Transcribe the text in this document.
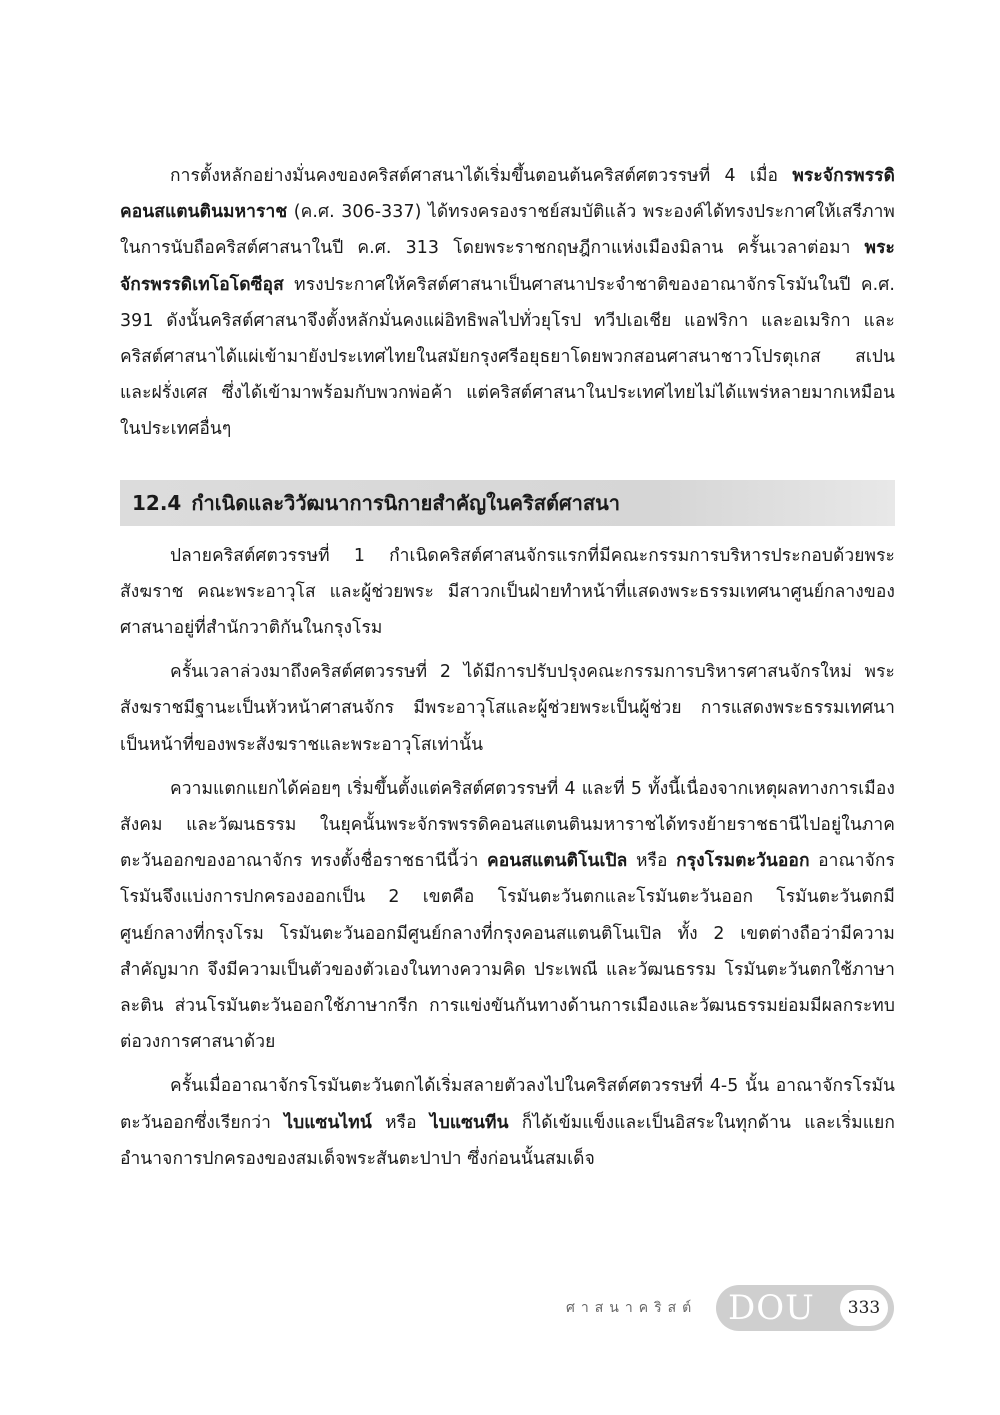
การตั้งหลักอย่างมั่นคงของคริสต์ศาสนาได้เริ่มขึ้นตอนต้นคริสต์ศตวรรษที่ 4 เมื่อ พระจักรพรรดิคอนสแตนตินมหาราช (ค.ศ. 306-337) ได้ทรงครองราชย์สมบัติแล้ว พระองค์ได้ทรงประกาศให้เสรีภาพในการนับถือคริสต์ศาสนาในปี ค.ศ. 313 โดยพระราชกฤษฎีกาแห่งเมืองมิลาน ครั้นเวลาต่อมา พระจักรพรรดิเทโอโดซีอุส ทรงประกาศให้คริสต์ศาสนาเป็นศาสนาประจำชาติของอาณาจักรโรมันในปี ค.ศ. 391 ดังนั้นคริสต์ศาสนาจึงตั้งหลักมั่นคงแผ่อิทธิพลไปทั่วยุโรป ทวีปเอเชีย แอฟริกา และอเมริกา และคริสต์ศาสนาได้แผ่เข้ามายังประเทศไทยในสมัยกรุงศรีอยุธยาโดยพวกสอนศาสนาชาวโปรตุเกส สเปน และฝรั่งเศส ซึ่งได้เข้ามาพร้อมกับพวกพ่อค้า แต่คริสต์ศาสนาในประเทศไทยไม่ได้แพร่หลายมากเหมือนในประเทศอื่นๆ

12.4 กำเนิดและวิวัฒนาการนิกายสำคัญในคริสต์ศาสนา

ปลายคริสต์ศตวรรษที่ 1 กำเนิดคริสต์ศาสนจักรแรกที่มีคณะกรรมการบริหารประกอบด้วยพระสังฆราช คณะพระอาวุโส และผู้ช่วยพระ มีสาวกเป็นฝ่ายทำหน้าที่แสดงพระธรรมเทศนาศูนย์กลางของศาสนาอยู่ที่สำนักวาติกันในกรุงโรม

ครั้นเวลาล่วงมาถึงคริสต์ศตวรรษที่ 2 ได้มีการปรับปรุงคณะกรรมการบริหารศาสนจักรใหม่ พระสังฆราชมีฐานะเป็นหัวหน้าศาสนจักร มีพระอาวุโสและผู้ช่วยพระเป็นผู้ช่วย การแสดงพระธรรมเทศนาเป็นหน้าที่ของพระสังฆราชและพระอาวุโสเท่านั้น

ความแตกแยกได้ค่อยๆ เริ่มขึ้นตั้งแต่คริสต์ศตวรรษที่ 4 และที่ 5 ทั้งนี้เนื่องจากเหตุผลทางการเมือง สังคม และวัฒนธรรม ในยุคนั้นพระจักรพรรดิคอนสแตนตินมหาราชได้ทรงย้ายราชธานีไปอยู่ในภาคตะวันออกของอาณาจักร ทรงตั้งชื่อราชธานีนี้ว่า คอนสแตนติโนเปิล หรือ กรุงโรมตะวันออก อาณาจักรโรมันจึงแบ่งการปกครองออกเป็น 2 เขตคือ โรมันตะวันตกและโรมันตะวันออก โรมันตะวันตกมีศูนย์กลางที่กรุงโรม โรมันตะวันออกมีศูนย์กลางที่กรุงคอนสแตนติโนเปิล ทั้ง 2 เขตต่างถือว่ามีความสำคัญมาก จึงมีความเป็นตัวของตัวเองในทางความคิด ประเพณี และวัฒนธรรม โรมันตะวันตกใช้ภาษาละติน ส่วนโรมันตะวันออกใช้ภาษากรีก การแข่งขันกันทางด้านการเมืองและวัฒนธรรมย่อมมีผลกระทบต่อวงการศาสนาด้วย

ครั้นเมื่ออาณาจักรโรมันตะวันตกได้เริ่มสลายตัวลงไปในคริสต์ศตวรรษที่ 4-5 นั้น อาณาจักรโรมันตะวันออกซึ่งเรียกว่า ไบแซนไทน์ หรือ ไบแซนทีน ก็ได้เข้มแข็งและเป็นอิสระในทุกด้าน และเริ่มแยกอำนาจการปกครองของสมเด็จพระสันตะปาปา ซึ่งก่อนนั้นสมเด็จ

ศาสนาคริสต์ DOU	333
